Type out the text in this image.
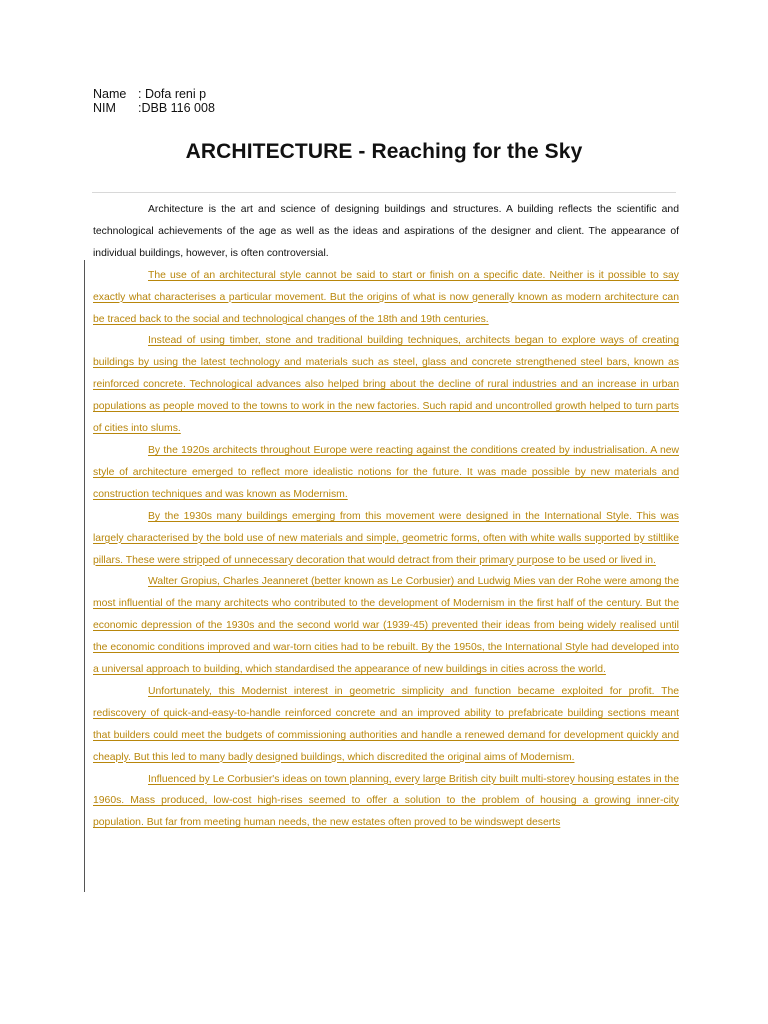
Name : Dofa reni p
NIM	:DBB 116 008
ARCHITECTURE - Reaching for the Sky

Architecture is the art and science of designing buildings and structures. A building reflects the scientific and technological achievements of the age as well as the ideas and aspirations of the designer and client. The appearance of individual buildings, however, is often controversial.

The use of an architectural style cannot be said to start or finish on a specific date. Neither is it possible to say exactly what characterises a particular movement. But the origins of what is now generally known as modern architecture can be traced back to the social and technological changes of the 18th and 19th centuries.

Instead of using timber, stone and traditional building techniques, architects began to explore ways of creating buildings by using the latest technology and materials such as steel, glass and concrete strengthened steel bars, known as reinforced concrete. Technological advances also helped bring about the decline of rural industries and an increase in urban populations as people moved to the towns to work in the new factories. Such rapid and uncontrolled growth helped to turn parts of cities into slums.

By the 1920s architects throughout Europe were reacting against the conditions created by industrialisation. A new style of architecture emerged to reflect more idealistic notions for the future. It was made possible by new materials and construction techniques and was known as Modernism.

By the 1930s many buildings emerging from this movement were designed in the International Style. This was largely characterised by the bold use of new materials and simple, geometric forms, often with white walls supported by stiltlike pillars. These were stripped of unnecessary decoration that would detract from their primary purpose to be used or lived in.

Walter Gropius, Charles Jeanneret (better known as Le Corbusier) and Ludwig Mies van der Rohe were among the most influential of the many architects who contributed to the development of Modernism in the first half of the century. But the economic depression of the 1930s and the second world war (1939-45) prevented their ideas from being widely realised until the economic conditions improved and war-torn cities had to be rebuilt. By the 1950s, the International Style had developed into a universal approach to building, which standardised the appearance of new buildings in cities across the world.

Unfortunately, this Modernist interest in geometric simplicity and function became exploited for profit. The rediscovery of quick-and-easy-to-handle reinforced concrete and an improved ability to prefabricate building sections meant that builders could meet the budgets of commissioning authorities and handle a renewed demand for development quickly and cheaply. But this led to many badly designed buildings, which discredited the original aims of Modernism.

Influenced by Le Corbusier's ideas on town planning, every large British city built multi-storey housing estates in the 1960s. Mass produced, low-cost high-rises seemed to offer a solution to the problem of housing a growing inner-city population. But far from meeting human needs, the new estates often proved to be windswept deserts
